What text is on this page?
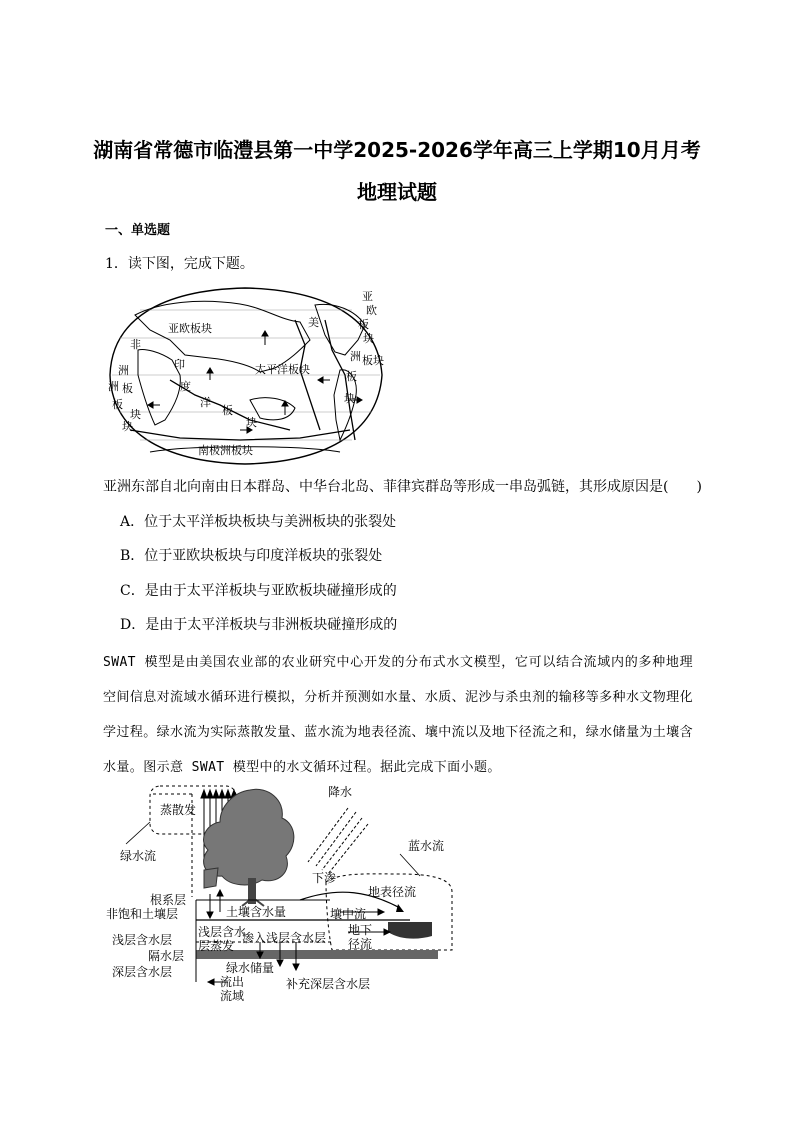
湖南省常德市临澧县第一中学2025-2026学年高三上学期10月月考
地理试题
一、单选题
1．读下图，完成下题。
亚欧板块
太平洋板块
南极洲板块
非
洲
板
块
印
度
洋
板
块
亚
欧
板
块
美
洲 板块
板
块
洲
板
块
亚洲东部自北向南由日本群岛、中华台北岛、菲律宾群岛等形成一串岛弧链，其形成原因是(　　)
A．位于太平洋板块板块与美洲板块的张裂处
B．位于亚欧块板块与印度洋板块的张裂处
C．是由于太平洋板块与亚欧板块碰撞形成的
D．是由于太平洋板块与非洲板块碰撞形成的
SWAT 模型是由美国农业部的农业研究中心开发的分布式水文模型，它可以结合流域内的多种地理空间信息对流域水循环进行模拟，分析并预测如水量、水质、泥沙与杀虫剂的输移等多种水文物理化学过程。绿水流为实际蒸散发量、蓝水流为地表径流、壤中流以及地下径流之和，绿水储量为土壤含水量。图示意 SWAT 模型中的水文循环过程。据此完成下面小题。
蒸散发
降水
绿水流
蓝水流
下渗
地表径流
根系层
非饱和土壤层	土壤含水量	壤中流
浅层含水层
隔水层
深层含水层
浅层含水
层蒸发
渗入浅层含水层
地下
径流
绿水储量
补充深层含水层
流出
流域
